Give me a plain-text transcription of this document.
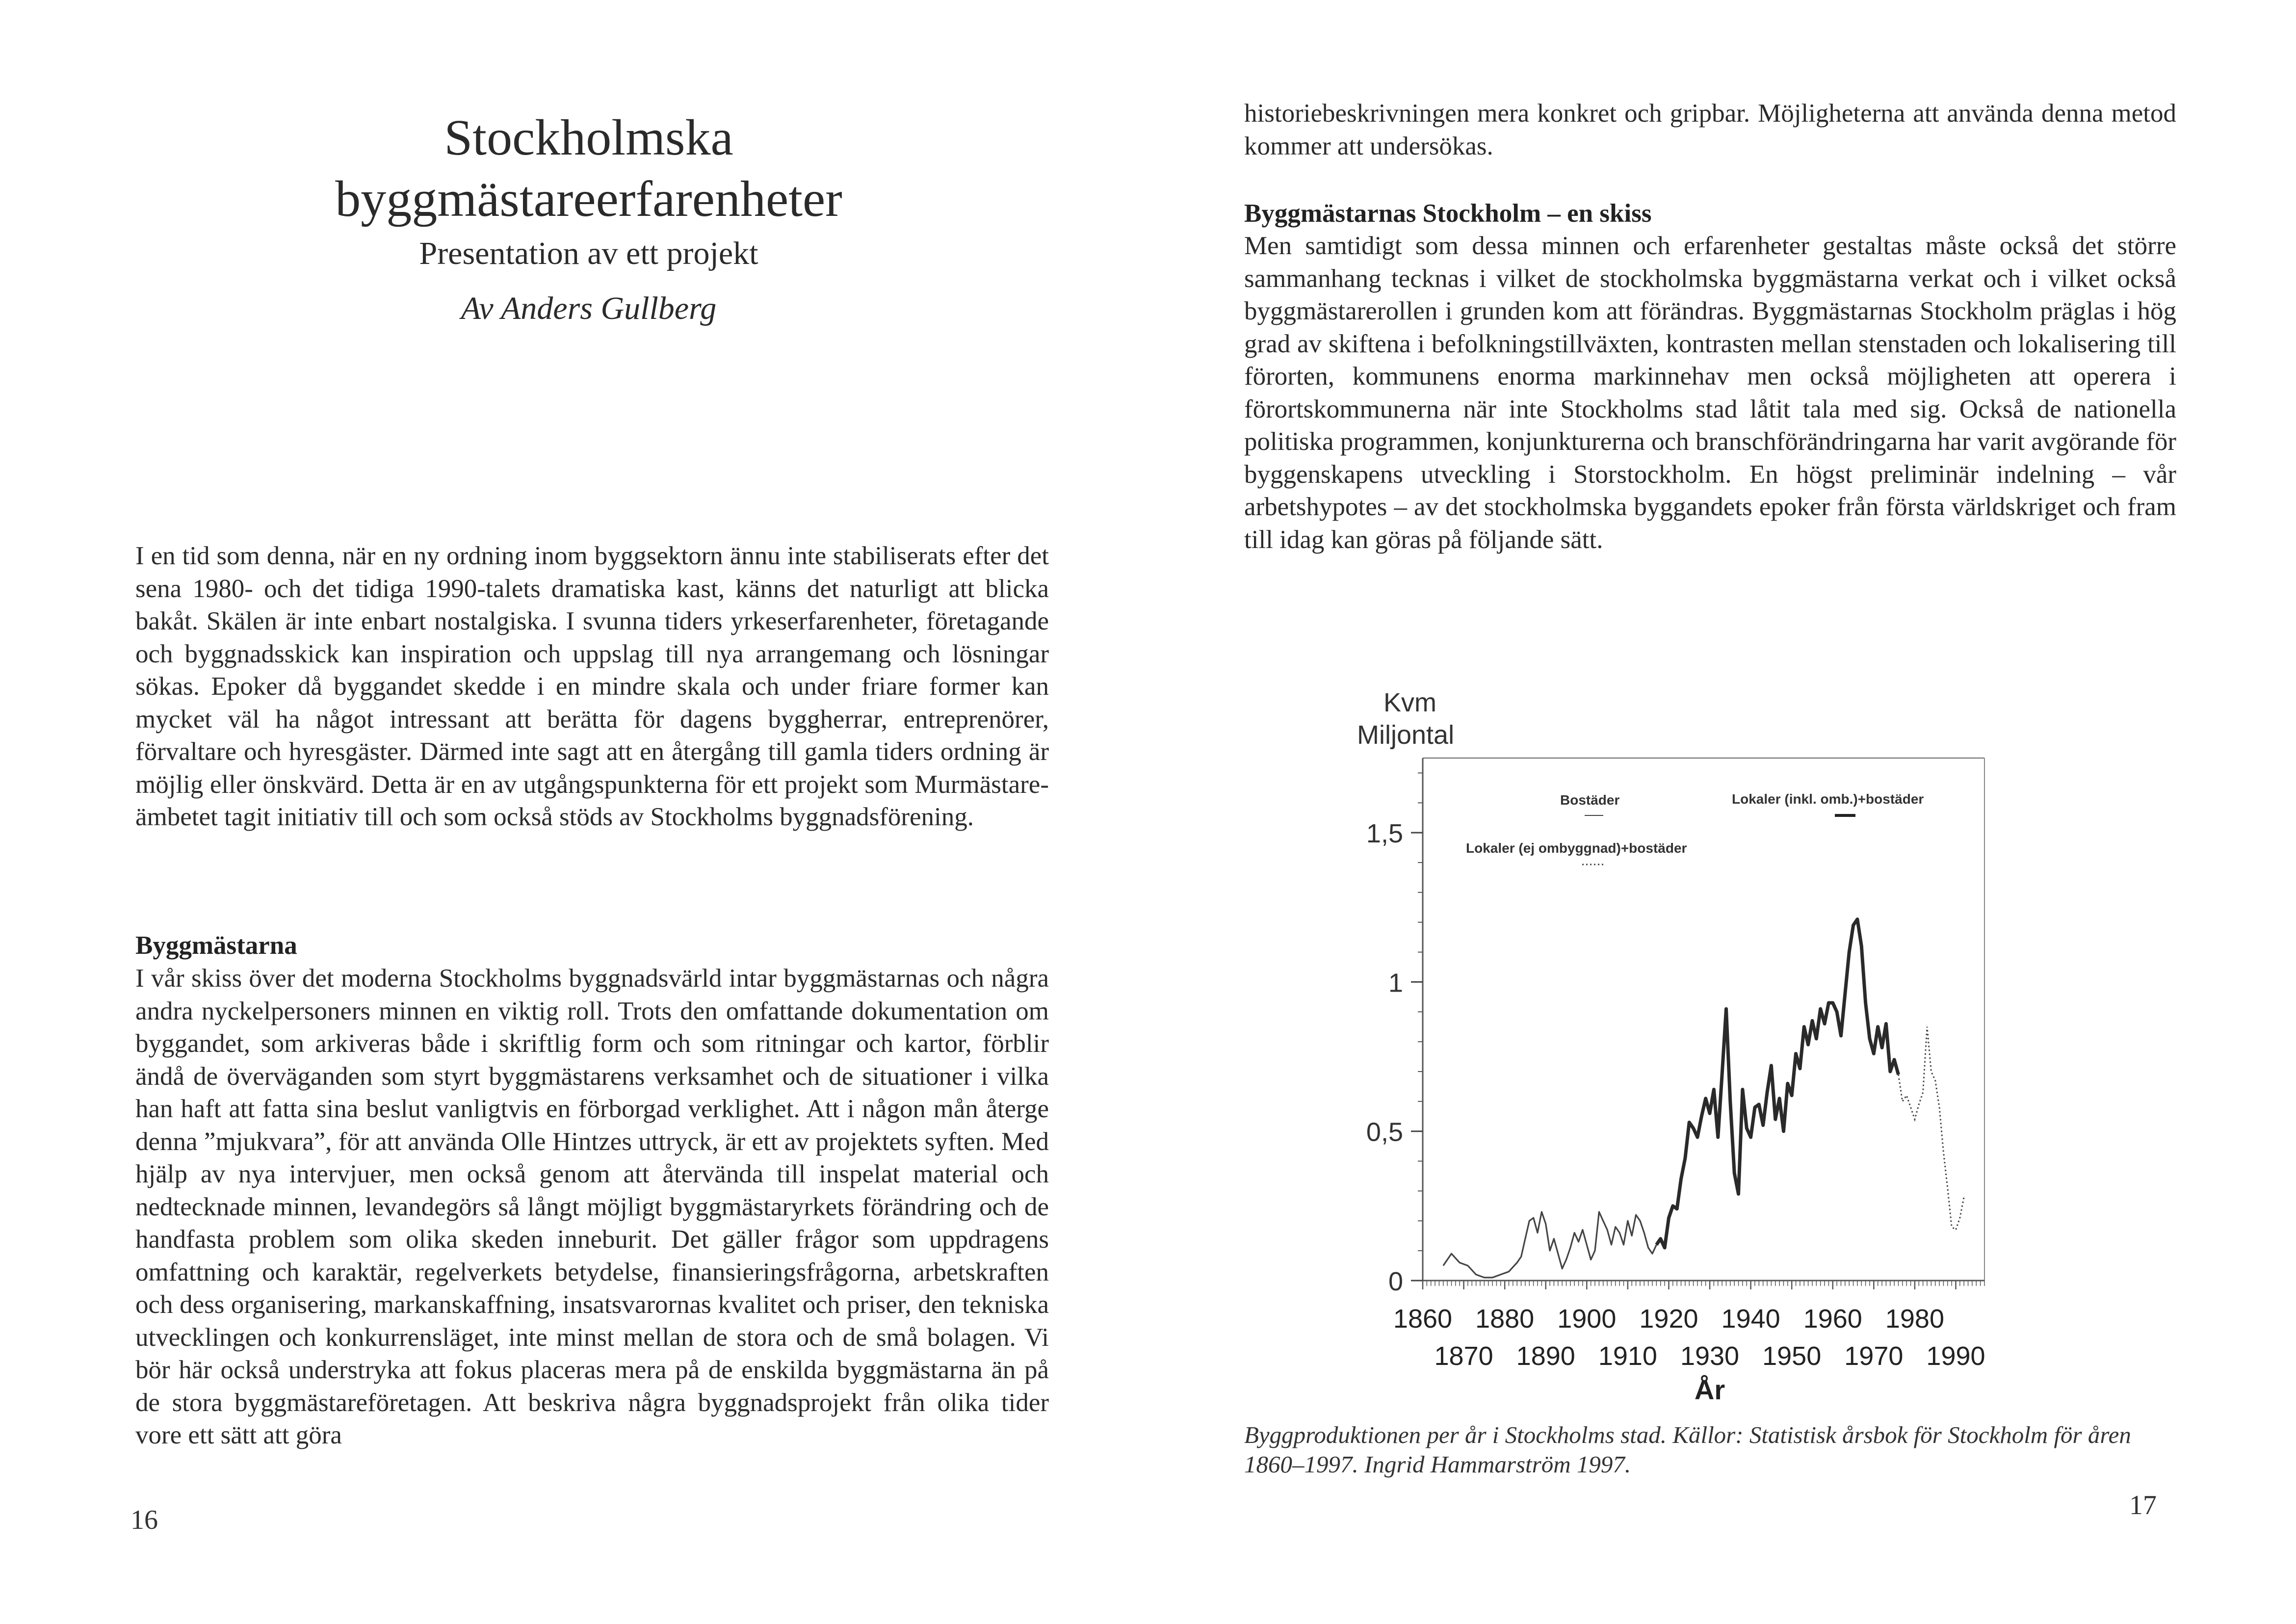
Stockholmska
byggmästareerfarenheter

Presentation av ett projekt

Av Anders Gullberg

I en tid som denna, när en ny ordning inom byggsektorn ännu inte stabiliserats efter det sena 1980- och det tidiga 1990-talets dramatiska kast, känns det naturligt att blicka bakåt. Skälen är inte enbart nostalgiska. I svunna tiders yrkeserfarenheter, företagande och byggnadsskick kan inspiration och uppslag till nya arrangemang och lösningar sökas. Epoker då byggandet skedde i en mindre skala och under friare former kan mycket väl ha något intressant att berätta för dagens byggherrar, entreprenörer, förvaltare och hyresgäster. Därmed inte sagt att en återgång till gamla tiders ordning är möjlig eller önskvärd. Detta är en av utgångspunkterna för ett projekt som Murmästareämbetet tagit initiativ till och som också stöds av Stockholms byggnadsförening.

Byggmästarna

I vår skiss över det moderna Stockholms byggnadsvärld intar byggmästarnas och några andra nyckelpersoners minnen en viktig roll. Trots den omfattande dokumentation om byggandet, som arkiveras både i skriftlig form och som ritningar och kartor, förblir ändå de överväganden som styrt byggmästarens verksamhet och de situationer i vilka han haft att fatta sina beslut vanligtvis en förborgad verklighet. Att i någon mån återge denna ”mjukvara”, för att använda Olle Hintzes uttryck, är ett av projektets syften. Med hjälp av nya intervjuer, men också genom att återvända till inspelat material och nedtecknade minnen, levandegörs så långt möjligt byggmästaryrkets förändring och de handfasta problem som olika skeden inneburit. Det gäller frågor som uppdragens omfattning och karaktär, regelverkets betydelse, finansieringsfrågorna, arbetskraften och dess organisering, markanskaffning, insatsvarornas kvalitet och priser, den tekniska utvecklingen och konkurrensläget, inte minst mellan de stora och de små bolagen. Vi bör här också understryka att fokus placeras mera på de enskilda byggmästarna än på de stora byggmästareföretagen. Att beskriva några byggnadsprojekt från olika tider vore ett sätt att göra

16

historiebeskrivningen mera konkret och gripbar. Möjligheterna att använda denna metod kommer att undersökas.

Byggmästarnas Stockholm – en skiss

Men samtidigt som dessa minnen och erfarenheter gestaltas måste också det större sammanhang tecknas i vilket de stockholmska byggmästarna verkat och i vilket också byggmästarerollen i grunden kom att förändras. Byggmästarnas Stockholm präglas i hög grad av skiftena i befolkningstillväxten, kontrasten mellan stenstaden och lokalisering till förorten, kommunens enorma markinnehav men också möjligheten att operera i förortskommunerna när inte Stockholms stad låtit tala med sig. Också de nationella politiska programmen, konjunkturerna och branschförändringarna har varit avgörande för byggenskapens utveckling i Storstockholm. En högst preliminär indelning – vår arbetshypotes – av det stockholmska byggandets epoker från första världskriget och fram till idag kan göras på följande sätt.

17
Kvm
Miljontal
0
0,5
1
1,5
1860 1880 1900 1920 1940 1960 1980
1870 1890 1910 1930 1950 1970 1990
År
Bostäder	Lokaler (inkl. omb.)+bostäder
Lokaler (ej ombyggnad)+bostäder

Byggproduktionen per år i Stockholms stad. Källor: Statistisk årsbok för Stockholm för åren 1860–1997. Ingrid Hammarström 1997.
